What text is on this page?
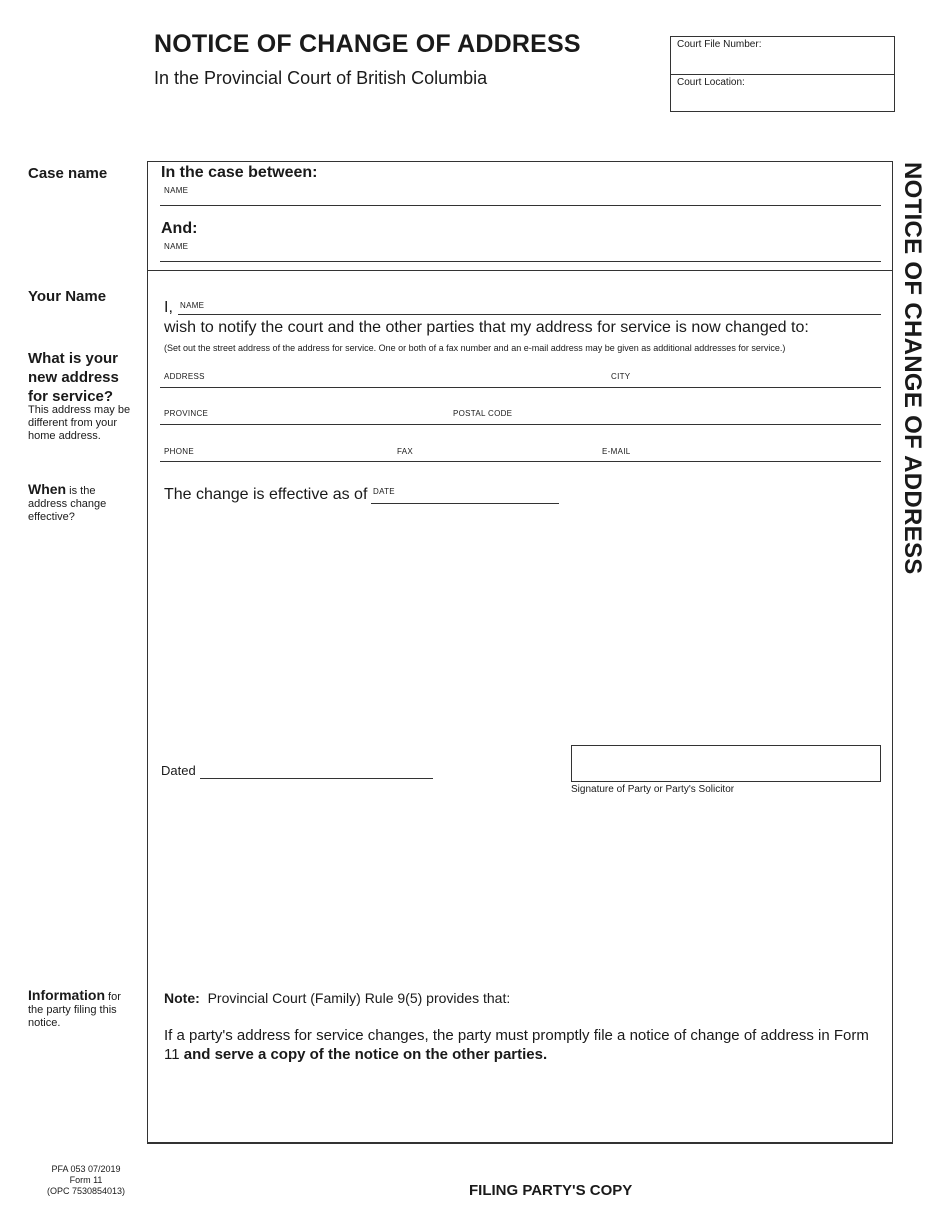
NOTICE OF CHANGE OF ADDRESS
In the Provincial Court of British Columbia
Court File Number:
Court Location:
NOTICE OF CHANGE OF ADDRESS
Case name
Your Name
What is your new address for service?
This address may be different from your home address.
When is the address change effective?
Information for the party filing this notice.
In the case between:
NAME
And:
NAME
I, NAME
wish to notify the court and the other parties that my address for service is now changed to:
(Set out the street address of the address for service. One or both of a fax number and an e-mail address may be given as additional addresses for service.)
ADDRESS	CITY
PROVINCE	POSTAL CODE
PHONE	FAX	E-MAIL
The change is effective as of DATE
Dated
Signature of Party or Party's Solicitor
Note: Provincial Court (Family) Rule 9(5) provides that:
If a party's address for service changes, the party must promptly file a notice of change of address in Form 11 and serve a copy of the notice on the other parties.
PFA 053 07/2019
Form 11
(OPC 7530854013)	FILING PARTY'S COPY
